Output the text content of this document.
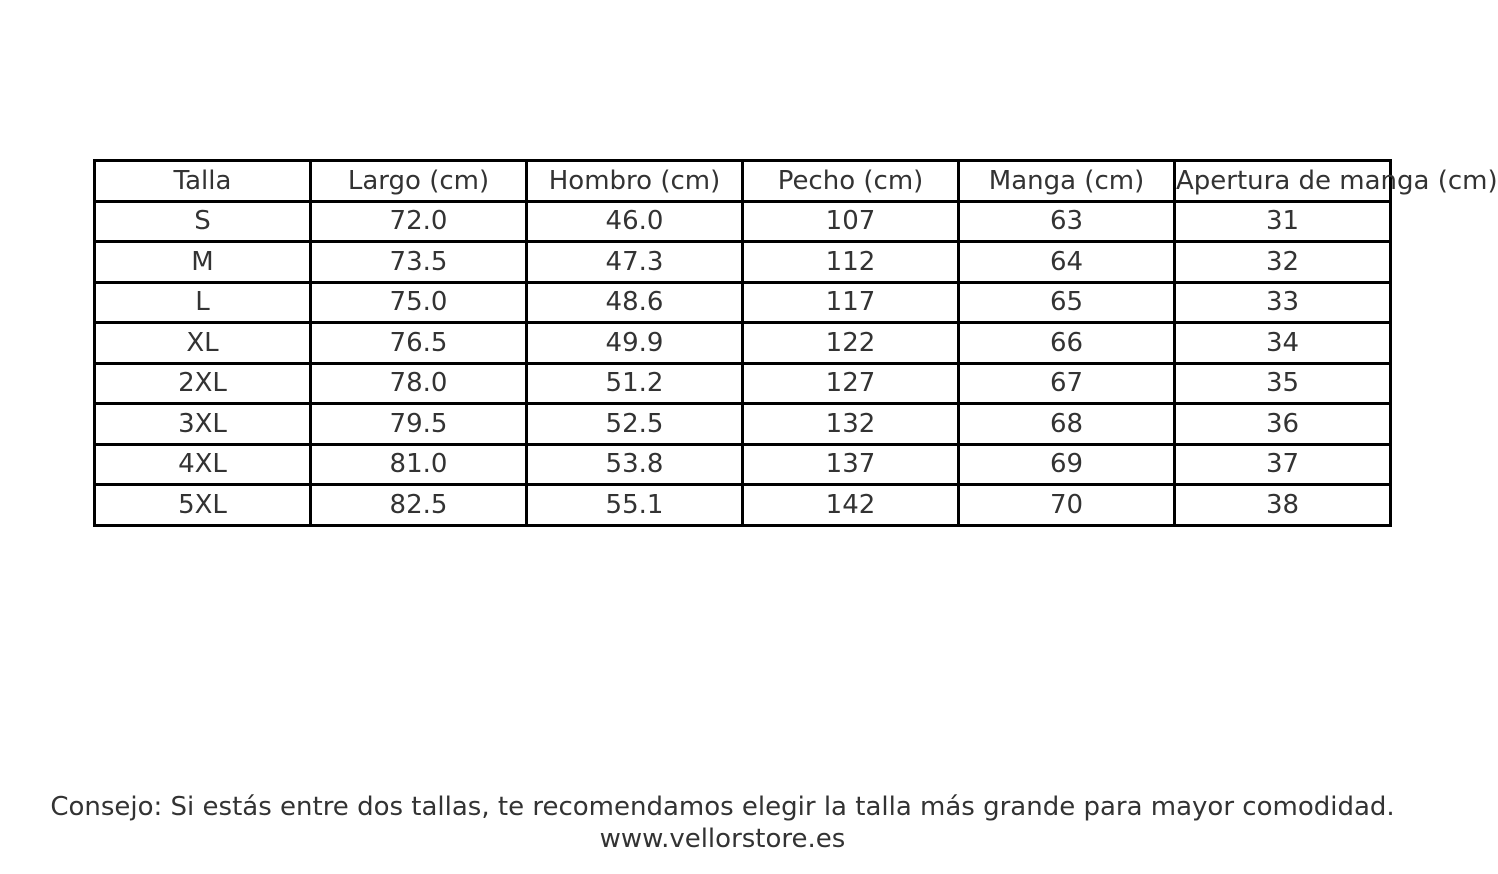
Talla	Largo (cm)	Hombro (cm)	Pecho (cm)	Manga (cm)	Apertura de manga (cm)
S	72.0	46.0	107	63	31
M	73.5	47.3	112	64	32
L	75.0	48.6	117	65	33
XL	76.5	49.9	122	66	34
2XL	78.0	51.2	127	67	35
3XL	79.5	52.5	132	68	36
4XL	81.0	53.8	137	69	37
5XL	82.5	55.1	142	70	38
Consejo: Si estás entre dos tallas, te recomendamos elegir la talla más grande para mayor comodidad.
www.vellorstore.es
